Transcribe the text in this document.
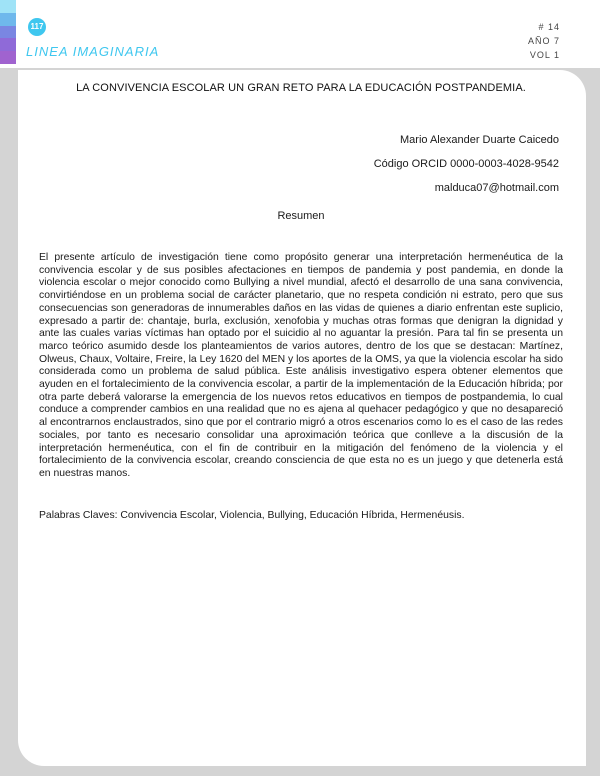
117
LINEA IMAGINARIA
# 14
AÑO 7
VOL 1
LA CONVIVENCIA ESCOLAR UN GRAN RETO PARA LA EDUCACIÓN POSTPANDEMIA.
Mario Alexander Duarte Caicedo
Código ORCID 0000-0003-4028-9542
malduca07@hotmail.com
Resumen

El presente artículo de investigación tiene como propósito generar una interpretación hermenéutica de la convivencia escolar y de sus posibles afectaciones en tiempos de pandemia y post pandemia, en donde la violencia escolar o mejor conocido como Bullying a nivel mundial, afectó el desarrollo de una sana convivencia, convirtiéndose en un problema social de carácter planetario, que no respeta condición ni estrato, pero que sus consecuencias son generadoras de innumerables daños en las vidas de quienes a diario enfrentan este suplicio, expresado a partir de: chantaje, burla, exclusión, xenofobia y muchas otras formas que denigran la dignidad y ante las cuales varias víctimas han optado por el suicidio al no aguantar la presión. Para tal fin se presenta un marco teórico asumido desde los planteamientos de varios autores, dentro de los que se destacan: Martínez, Olweus, Chaux, Voltaire, Freire, la Ley 1620 del MEN y los aportes de la OMS, ya que la violencia escolar ha sido considerada como un problema de salud pública. Este análisis investigativo espera obtener elementos que ayuden en el fortalecimiento de la convivencia escolar, a partir de la implementación de la Educación híbrida; por otra parte deberá valorarse la emergencia de los nuevos retos educativos en tiempos de postpandemia, lo cual conduce a comprender cambios en una realidad que no es ajena al quehacer pedagógico y que no desapareció al encontrarnos enclaustrados, sino que por el contrario migró a otros escenarios como lo es el caso de las redes sociales, por tanto es necesario consolidar una aproximación teórica que conlleve a la discusión de la interpretación hermenéutica, con el fin de contribuir en la mitigación del fenómeno de la violencia y el fortalecimiento de la convivencia escolar, creando consciencia de que esta no es un juego y que detenerla está en nuestras manos.

Palabras Claves: Convivencia Escolar, Violencia, Bullying, Educación Híbrida, Hermenéusis.
